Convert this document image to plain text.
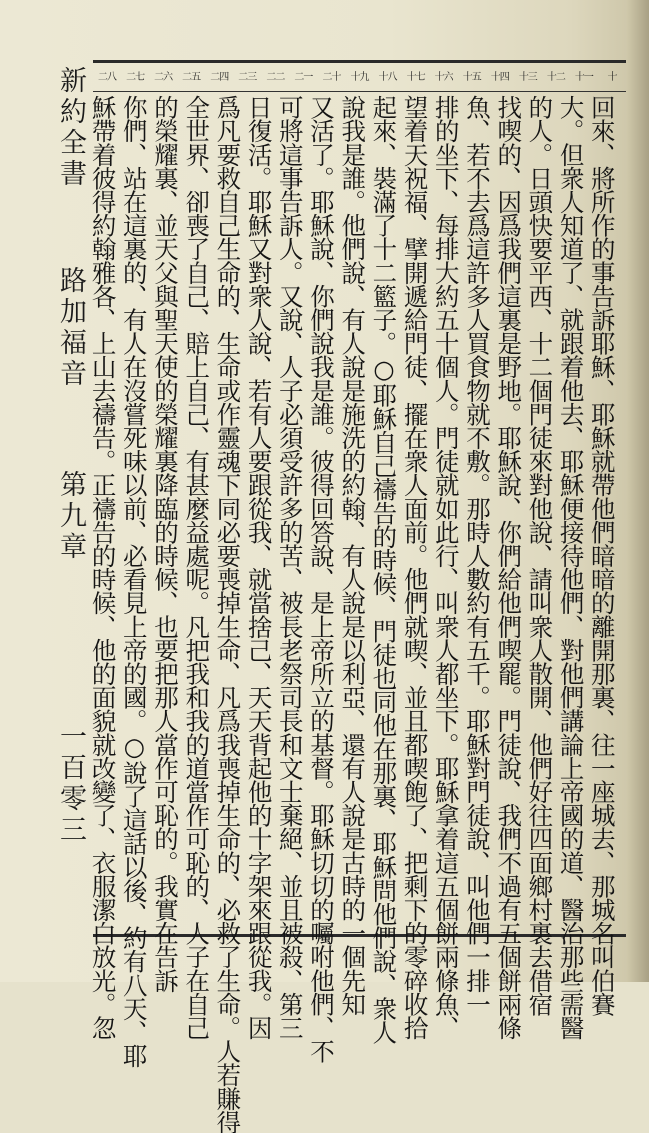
新約全書
路加福音
第九章
一百零三
十
十一
十二
十三
十四
十五
十六
十七
十八
十九
二十
二一
二二
二三
二四
二五
二六
二七
二八
回來、將所作的事告訴耶穌、耶穌就帶他們暗暗的離開那裏、往一座城去、那城名叫伯賽
大。但衆人知道了、就跟着他去、耶穌便接待他們、對他們講論上帝國的道、醫治那些需醫
的人。日頭快要平西、十二個門徒來對他說、請叫衆人散開、他們好往四面鄉村裏去借宿
找喫的、因爲我們這裏是野地。耶穌說、你們給他們喫罷。門徒說、我們不過有五個餅兩條
魚、若不去爲這許多人買食物就不敷。那時人數約有五千。耶穌對門徒說、叫他們一排一
排的坐下、每排大約五十個人。門徒就如此行、叫衆人都坐下。耶穌拿着這五個餅兩條魚、
望着天祝福、擘開遞給門徒、擺在衆人面前。他們就喫、並且都喫飽了、把剩下的零碎收拾
起來、裝滿了十二籃子。○耶穌自己禱告的時候、門徒也同他在那裏、耶穌問他們說、衆人
說我是誰。他們說、有人說是施洗的約翰、有人說是以利亞、還有人說是古時的一個先知
又活了。耶穌說、你們說我是誰。彼得回答說、是上帝所立的基督。耶穌切切的囑咐他們、不
可將這事告訴人。又說、人子必須受許多的苦、被長老祭司長和文士棄絕、並且被殺、第三
日復活。耶穌又對衆人說、若有人要跟從我、就當捨己、天天背起他的十字架來跟從我。因
爲凡要救自己生命的、生命或作靈魂下同必要喪掉生命、凡爲我喪掉生命的、必救了生命。人若賺得
全世界、卻喪了自己、賠上自己、有甚麼益處呢。凡把我和我的道當作可恥的、人子在自己
的榮耀裏、並天父與聖天使的榮耀裏降臨的時候、也要把那人當作可恥的。我實在告訴
你們、站在這裏的、有人在沒嘗死味以前、必看見上帝的國。○說了這話以後、約有八天、耶
穌帶着彼得約翰雅各、上山去禱告。正禱告的時候、他的面貌就改變了、衣服潔白放光。忽
